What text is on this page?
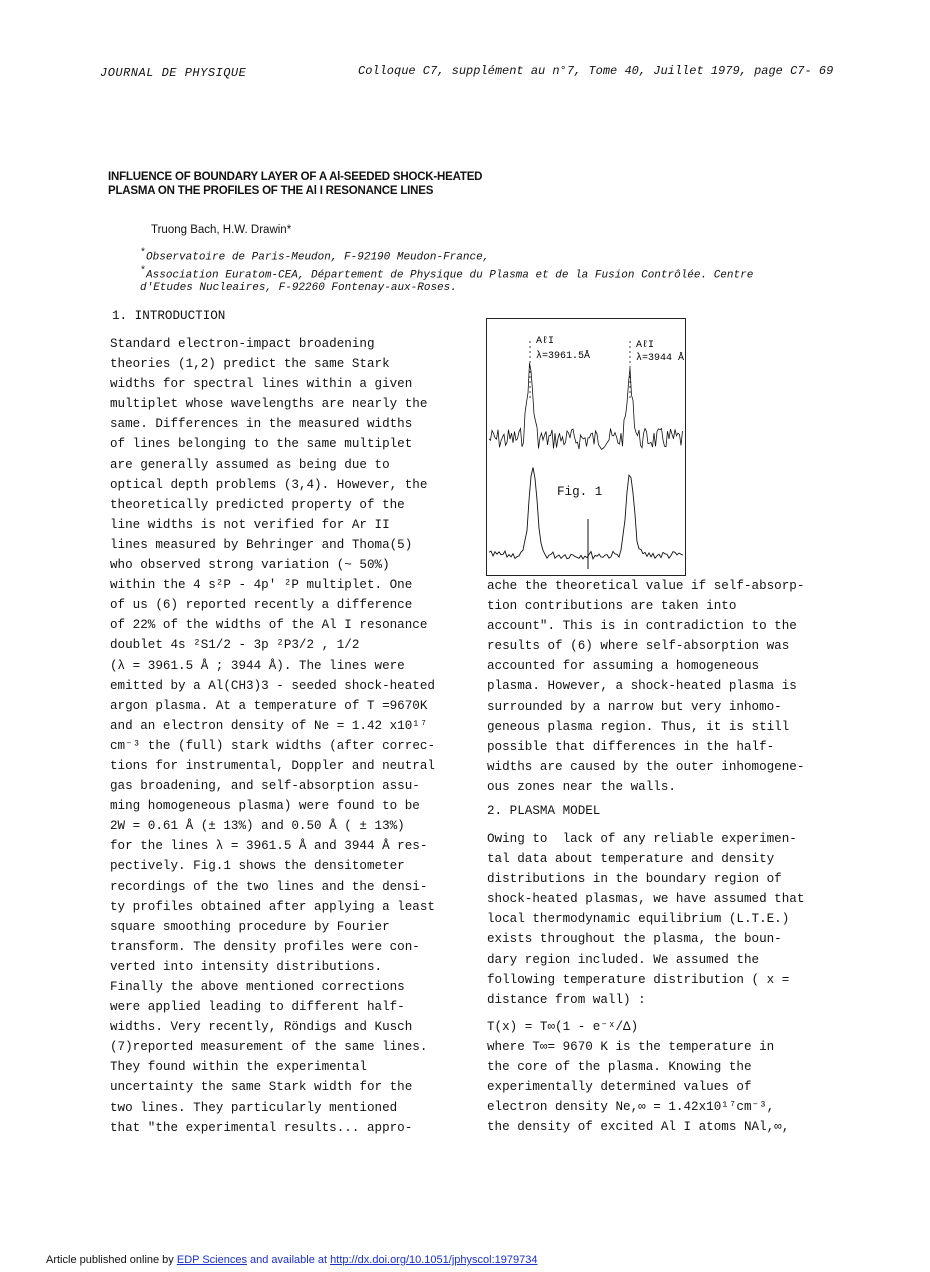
JOURNAL DE PHYSIQUE	Colloque C7, supplément au n°7, Tome 40, Juillet 1979, page C7- 69
INFLUENCE OF BOUNDARY LAYER OF A Al-SEEDED SHOCK-HEATED
PLASMA ON THE PROFILES OF THE Al I RESONANCE LINES
Truong Bach, H.W. Drawin*
*Observatoire de Paris-Meudon, F-92190 Meudon-France,
*Association Euratom-CEA, Département de Physique du Plasma et de la Fusion Contrôlée. Centre
d'Etudes Nucleaires, F-92260 Fontenay-aux-Roses.
1. INTRODUCTION
Standard electron-impact broadening
theories (1,2) predict the same Stark
widths for spectral lines within a given
multiplet whose wavelengths are nearly the
same. Differences in the measured widths
of lines belonging to the same multiplet
are generally assumed as being due to
optical depth problems (3,4). However, the
theoretically predicted property of the
line widths is not verified for Ar II
lines measured by Behringer and Thoma(5)
who observed strong variation (~ 50%)
within the 4 s²P - 4p' ²P multiplet. One
of us (6) reported recently a difference
of 22% of the widths of the Al I resonance
doublet 4s ²S1/2 - 3p ²P3/2 , 1/2
(λ = 3961.5 Å ; 3944 Å). The lines were
emitted by a Al(CH3)3 - seeded shock-heated
argon plasma. At a temperature of T =9670K
and an electron density of Ne = 1.42 x10¹⁷
cm⁻³ the (full) stark widths (after correc-
tions for instrumental, Doppler and neutral
gas broadening, and self-absorption assu-
ming homogeneous plasma) were found to be
2W = 0.61 Å (± 13%) and 0.50 Å ( ± 13%)
for the lines λ = 3961.5 Å and 3944 Å res-
pectively. Fig.1 shows the densitometer
recordings of the two lines and the densi-
ty profiles obtained after applying a least
square smoothing procedure by Fourier
transform. The density profiles were con-
verted into intensity distributions.
Finally the above mentioned corrections
were applied leading to different half-
widths. Very recently, Röndigs and Kusch
(7)reported measurement of the same lines.
They found within the experimental
uncertainty the same Stark width for the
two lines. They particularly mentioned
that "the experimental results... appro-
AℓI
λ=3961.5Å
AℓI
λ=3944 Å
Fig. 1
ache the theoretical value if self-absorp-
tion contributions are taken into
account". This is in contradiction to the
results of (6) where self-absorption was
accounted for assuming a homogeneous
plasma. However, a shock-heated plasma is
surrounded by a narrow but very inhomo-
geneous plasma region. Thus, it is still
possible that differences in the half-
widths are caused by the outer inhomogene-
ous zones near the walls.
2. PLASMA MODEL
Owing to  lack of any reliable experimen-
tal data about temperature and density
distributions in the boundary region of
shock-heated plasmas, we have assumed that
local thermodynamic equilibrium (L.T.E.)
exists throughout the plasma, the boun-
dary region included. We assumed the
following temperature distribution ( x =
distance from wall) :
T(x) = T∞(1 - e⁻ˣ/Δ)
where T∞= 9670 K is the temperature in
the core of the plasma. Knowing the
experimentally determined values of
electron density Ne,∞ = 1.42x10¹⁷cm⁻³,
the density of excited Al I atoms NAl,∞,
Article published online by EDP Sciences and available at http://dx.doi.org/10.1051/jphyscol:1979734
